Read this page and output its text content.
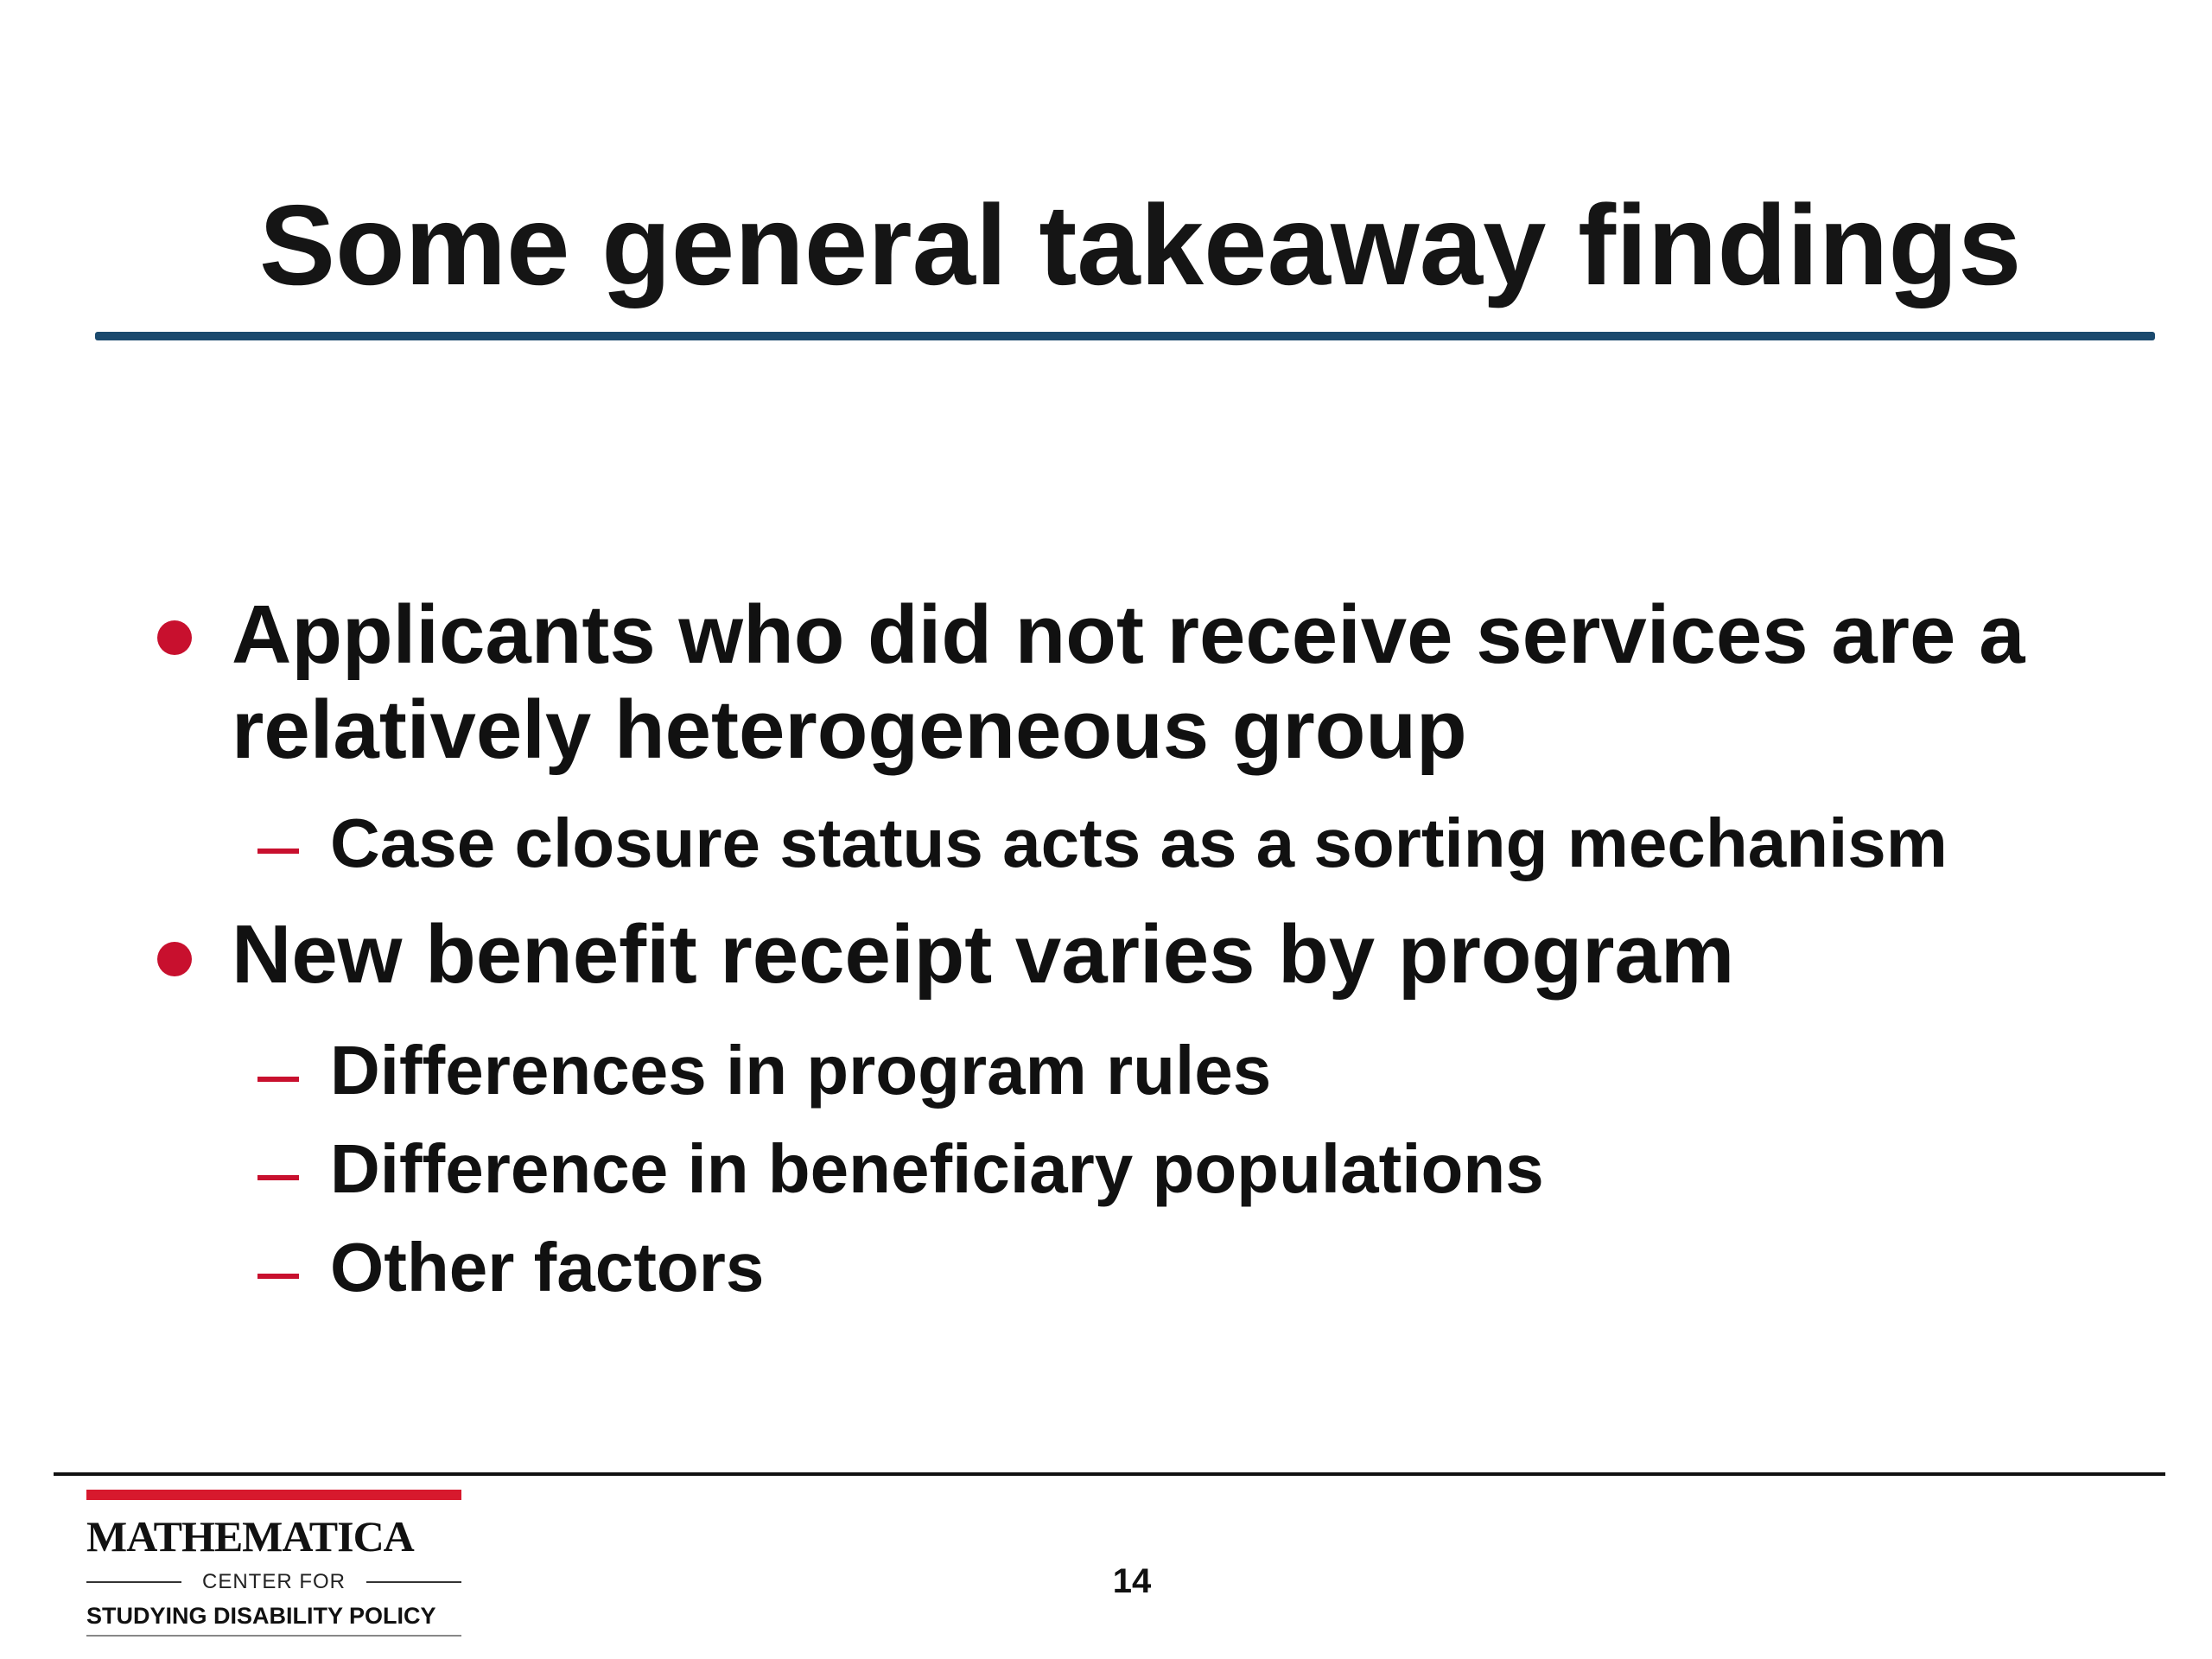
Some general takeaway findings
Applicants who did not receive services are a
relatively heterogeneous group
Case closure status acts as a sorting mechanism
New benefit receipt varies by program
Differences in program rules
Difference in beneficiary populations
Other factors
MATHEMATICA
CENTER FOR
STUDYING DISABILITY POLICY
14
